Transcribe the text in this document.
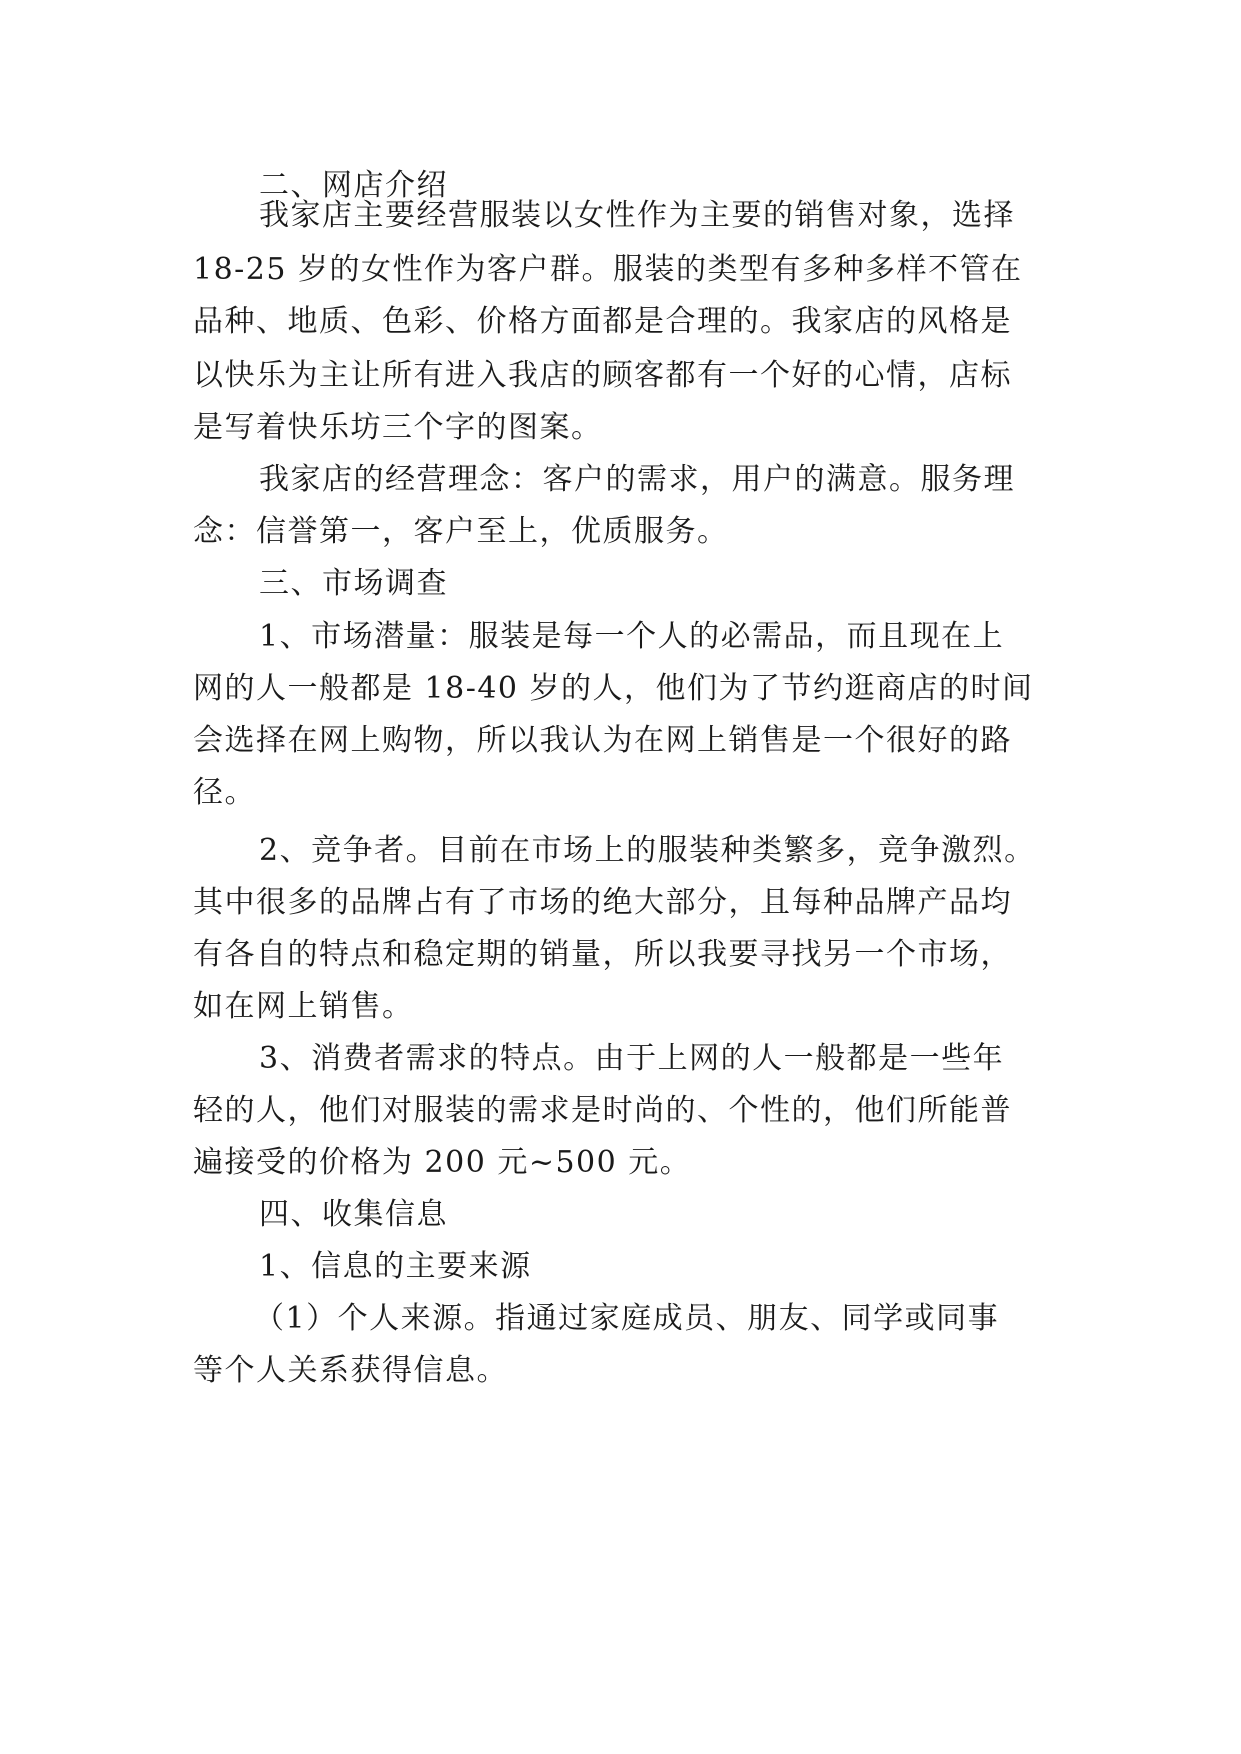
二、网店介绍
我家店主要经营服装以女性作为主要的销售对象，选择
18-25 岁的女性作为客户群。服装的类型有多种多样不管在
品种、地质、色彩、价格方面都是合理的。我家店的风格是
以快乐为主让所有进入我店的顾客都有一个好的心情，店标
是写着快乐坊三个字的图案。
我家店的经营理念：客户的需求，用户的满意。服务理
念：信誉第一，客户至上，优质服务。
三、市场调查
1、市场潜量：服装是每一个人的必需品，而且现在上
网的人一般都是 18-40 岁的人，他们为了节约逛商店的时间
会选择在网上购物，所以我认为在网上销售是一个很好的路
径。
2、竞争者。目前在市场上的服装种类繁多，竞争激烈。
其中很多的品牌占有了市场的绝大部分，且每种品牌产品均
有各自的特点和稳定期的销量，所以我要寻找另一个市场，
如在网上销售。
3、消费者需求的特点。由于上网的人一般都是一些年
轻的人，他们对服装的需求是时尚的、个性的，他们所能普
遍接受的价格为 200 元~500 元。
四、收集信息
1、信息的主要来源
（1）个人来源。指通过家庭成员、朋友、同学或同事
等个人关系获得信息。
